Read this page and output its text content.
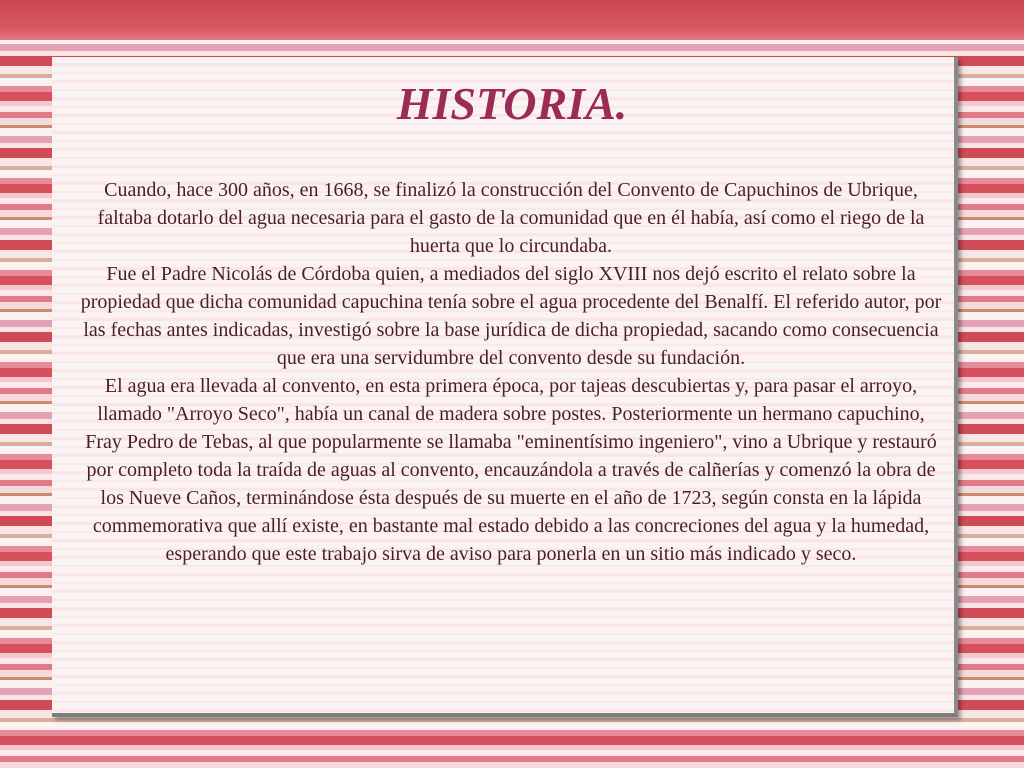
HISTORIA.

Cuando, hace 300 años, en 1668, se finalizó la construcción del Convento de Capuchinos de Ubrique, faltaba dotarlo del agua necesaria para el gasto de la comunidad que en él había, así como el riego de la huerta que lo circundaba.

Fue el Padre Nicolás de Córdoba quien, a mediados del siglo XVIII nos dejó escrito el relato sobre la propiedad que dicha comunidad capuchina tenía sobre el agua procedente del Benalfí. El referido autor, por las fechas antes indicadas, investigó sobre la base jurídica de dicha propiedad, sacando como consecuencia que era una servidumbre del convento desde su fundación.

El agua era llevada al convento, en esta primera época, por tajeas descubiertas y, para pasar el arroyo, llamado "Arroyo Seco", había un canal de madera sobre postes. Posteriormente un hermano capuchino, Fray Pedro de Tebas, al que popularmente se llamaba "eminentísimo ingeniero", vino a Ubrique y restauró por completo toda la traída de aguas al convento, encauzándola a través de calñerías y comenzó la obra de los Nueve Caños, terminándose ésta después de su muerte en el año de 1723, según consta en la lápida commemorativa que allí existe, en bastante mal estado debido a las concreciones del agua y la humedad, esperando que este trabajo sirva de aviso para ponerla en un sitio más indicado y seco.
